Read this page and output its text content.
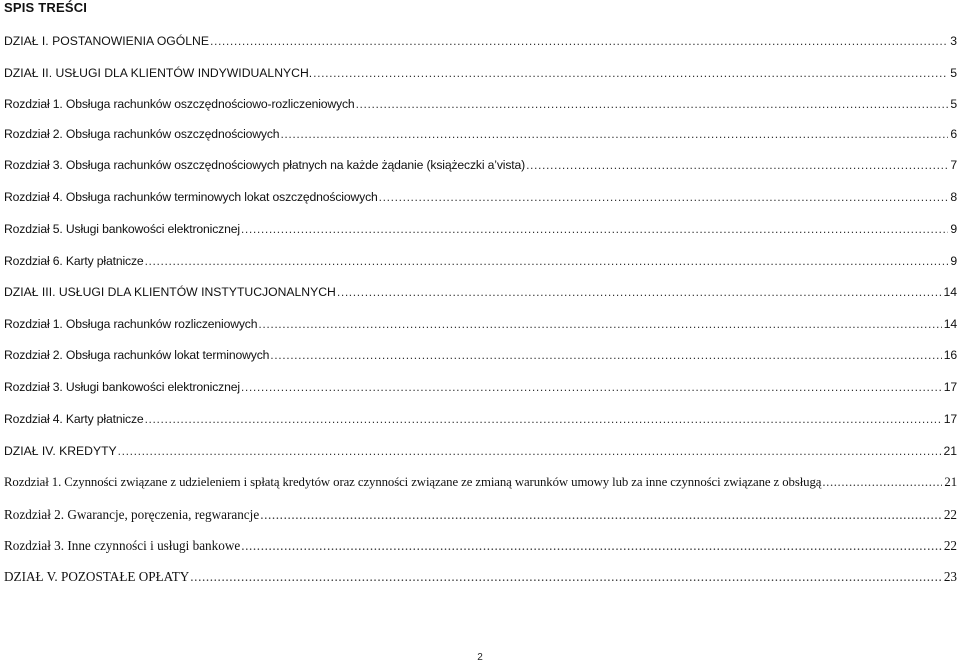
SPIS TREŚCI
DZIAŁ I. POSTANOWIENIA OGÓLNE .....	3
DZIAŁ II. USŁUGI DLA KLIENTÓW INDYWIDUALNYCH. .....	5
Rozdział 1. Obsługa rachunków oszczędnościowo-rozliczeniowych .....	5
Rozdział 2. Obsługa rachunków oszczędnościowych .....	6
Rozdział 3. Obsługa rachunków oszczędnościowych płatnych na każde żądanie (książeczki a’vista) .....	7
Rozdział 4. Obsługa rachunków terminowych lokat oszczędnościowych .....	8
Rozdział 5. Usługi bankowości elektronicznej .....	9
Rozdział 6. Karty płatnicze .....	9
DZIAŁ III. USŁUGI DLA KLIENTÓW INSTYTUCJONALNYCH .....	14
Rozdział 1. Obsługa rachunków rozliczeniowych .....	14
Rozdział 2. Obsługa rachunków lokat terminowych .....	16
Rozdział 3. Usługi bankowości elektronicznej .....	17
Rozdział 4. Karty płatnicze .....	17
DZIAŁ IV. KREDYTY .....	21
Rozdział 1. Czynności związane z udzieleniem i spłatą kredytów oraz czynności związane ze zmianą warunków umowy lub za inne czynności związane z obsługą .....	21
Rozdział 2. Gwarancje, poręczenia, regwarancje .....	22
Rozdział 3. Inne czynności i usługi bankowe .....	22
DZIAŁ V. POZOSTAŁE OPŁATY .....	23
2
